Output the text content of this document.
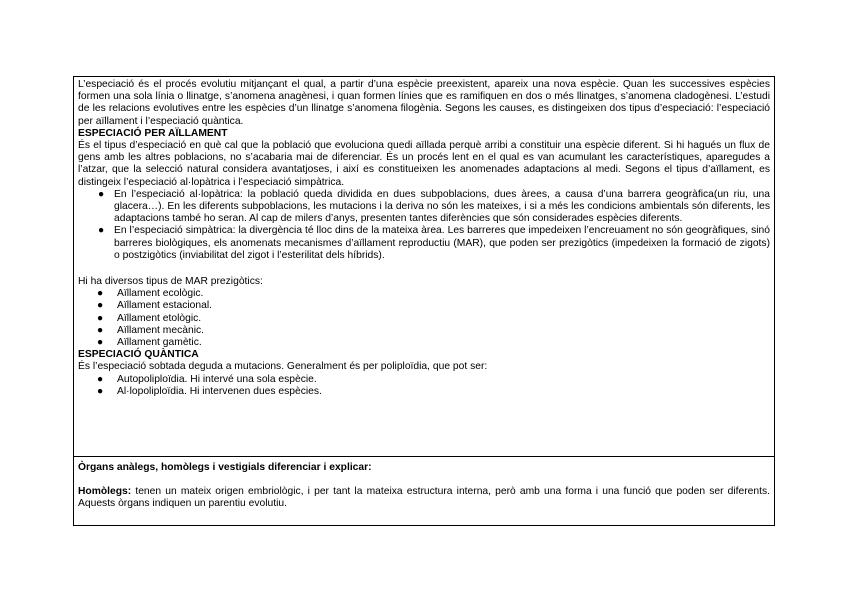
L’especiació és el procés evolutiu mitjançant el qual, a partir d’una espècie preexistent, apareix una nova espècie. Quan les successives espècies formen una sola línia o llinatge, s’anomena anagènesi, i quan formen línies que es ramifiquen en dos o més llinatges, s’anomena cladogènesi. L’estudi de les relacions evolutives entre les espècies d’un llinatge s’anomena filogènia. Segons les causes, es distingeixen dos tipus d’especiació: l’especiació per aïllament i l’especiació quàntica.

ESPECIACIÓ PER AÏLLAMENT

És el tipus d’especiació en què cal que la població que evoluciona quedi aïllada perquè arribi a constituir una espècie diferent. Si hi hagués un flux de gens amb les altres poblacions, no s’acabaria mai de diferenciar. És un procés lent en el qual es van acumulant les característiques, aparegudes a l’atzar, que la selecció natural considera avantatjoses, i així es constitueixen les anomenades adaptacions al medi. Segons el tipus d’aïllament, es distingeix l’especiació al·lopàtrica i l’especiació simpàtrica.

● En l’especiació al·lopàtrica: la població queda dividida en dues subpoblacions, dues àrees, a causa d’una barrera geogràfica(un riu, una glacera…). En les diferents subpoblacions, les mutacions i la deriva no són les mateixes, i si a més les condicions ambientals són diferents, les adaptacions també ho seran. Al cap de milers d’anys, presenten tantes diferències que són considerades espècies diferents.
● En l’especiació simpàtrica: la divergència té lloc dins de la mateixa àrea. Les barreres que impedeixen l’encreuament no són geogràfiques, sinó barreres biològiques, els anomenats mecanismes d’aïllament reproductiu (MAR), que poden ser prezigòtics (impedeixen la formació de zigots) o postzigòtics (inviabilitat del zigot i l’esterilitat dels híbrids).

Hi ha diversos tipus de MAR prezigòtics:

● Aïllament ecològic.
● Aïllament estacional.
● Aïllament etològic.
● Aïllament mecànic.
● Aïllament gamètic.

ESPECIACIÓ QUÀNTICA

És l’especiació sobtada deguda a mutacions. Generalment és per poliploïdia, que pot ser:

● Autopoliploïdia. Hi intervé una sola espècie.
● Al·lopoliploïdia. Hi intervenen dues espècies.

Òrgans anàlegs, homòlegs i vestigials diferenciar i explicar:

Homòlegs: tenen un mateix origen embriològic, i per tant la mateixa estructura interna, però amb una forma i una funció que poden ser diferents. Aquests òrgans indiquen un parentiu evolutiu.
